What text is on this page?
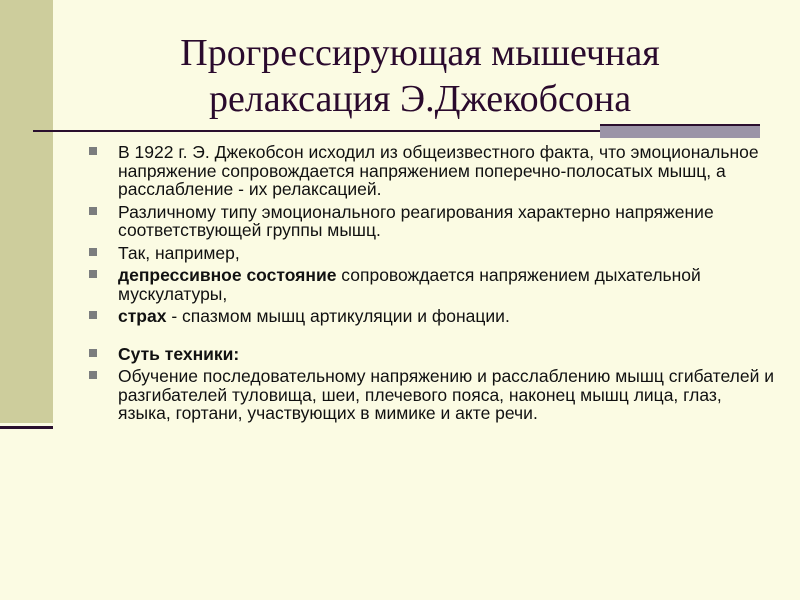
Прогрессирующая мышечная
релаксация Э.Джекобсона
В 1922 г. Э. Джекобсон исходил из общеизвестного факта, что эмоциональное напряжение сопровождается напряжением поперечно-полосатых мышц, а расслабление - их релаксацией.
Различному типу эмоционального реагирования характерно напряжение соответствующей группы мышц.
Так, например,
депрессивное состояние сопровождается напряжением дыхательной мускулатуры,
страх - спазмом мышц артикуляции и фонации.
Суть техники:
Обучение последовательному напряжению и расслаблению мышц сгибателей и разгибателей туловища, шеи, плечевого пояса, наконец мышц лица, глаз, языка, гортани, участвующих в мимике и акте речи.
